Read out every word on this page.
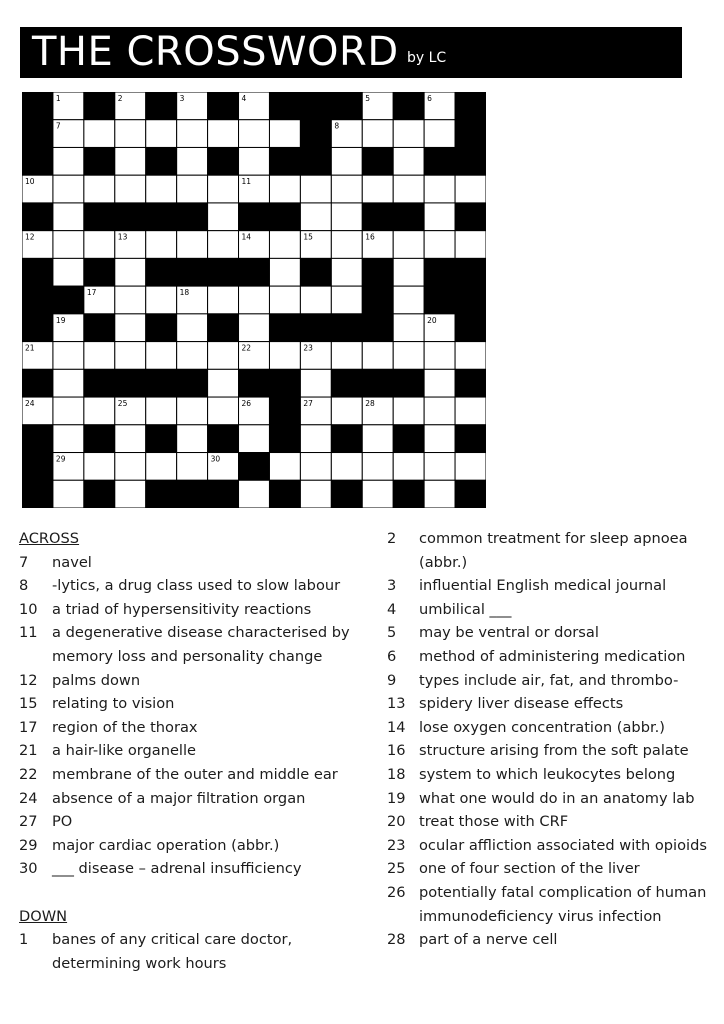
THE CROSSWORD by LC
1	2	3	4	5	6
7	8
9
10	11
12	13	14	15	16
17	18
19	20
21	22	23
24	25	26	27	28
29	30
ACROSS
7	navel
8	-lytics, a drug class used to slow labour
10 a triad of hypersensitivity reactions
11 a degenerative disease characterised by memory loss and personality change
12 palms down
15 relating to vision
17 region of the thorax
21 a hair-like organelle
22 membrane of the outer and middle ear
24 absence of a major filtration organ
27 PO
29 major cardiac operation (abbr.)
30 ___ disease – adrenal insufficiency
DOWN
1	banes of any critical care doctor, determining work hours
2	common treatment for sleep apnoea (abbr.)
3	influential English medical journal
4	umbilical ___
5	may be ventral or dorsal
6	method of administering medication
9	types include air, fat, and thrombo-
13 spidery liver disease effects
14 lose oxygen concentration (abbr.)
16 structure arising from the soft palate
18 system to which leukocytes belong
19 what one would do in an anatomy lab
20 treat those with CRF
23 ocular affliction associated with opioids
25 one of four section of the liver
26 potentially fatal complication of human immunodeficiency virus infection
28 part of a nerve cell
